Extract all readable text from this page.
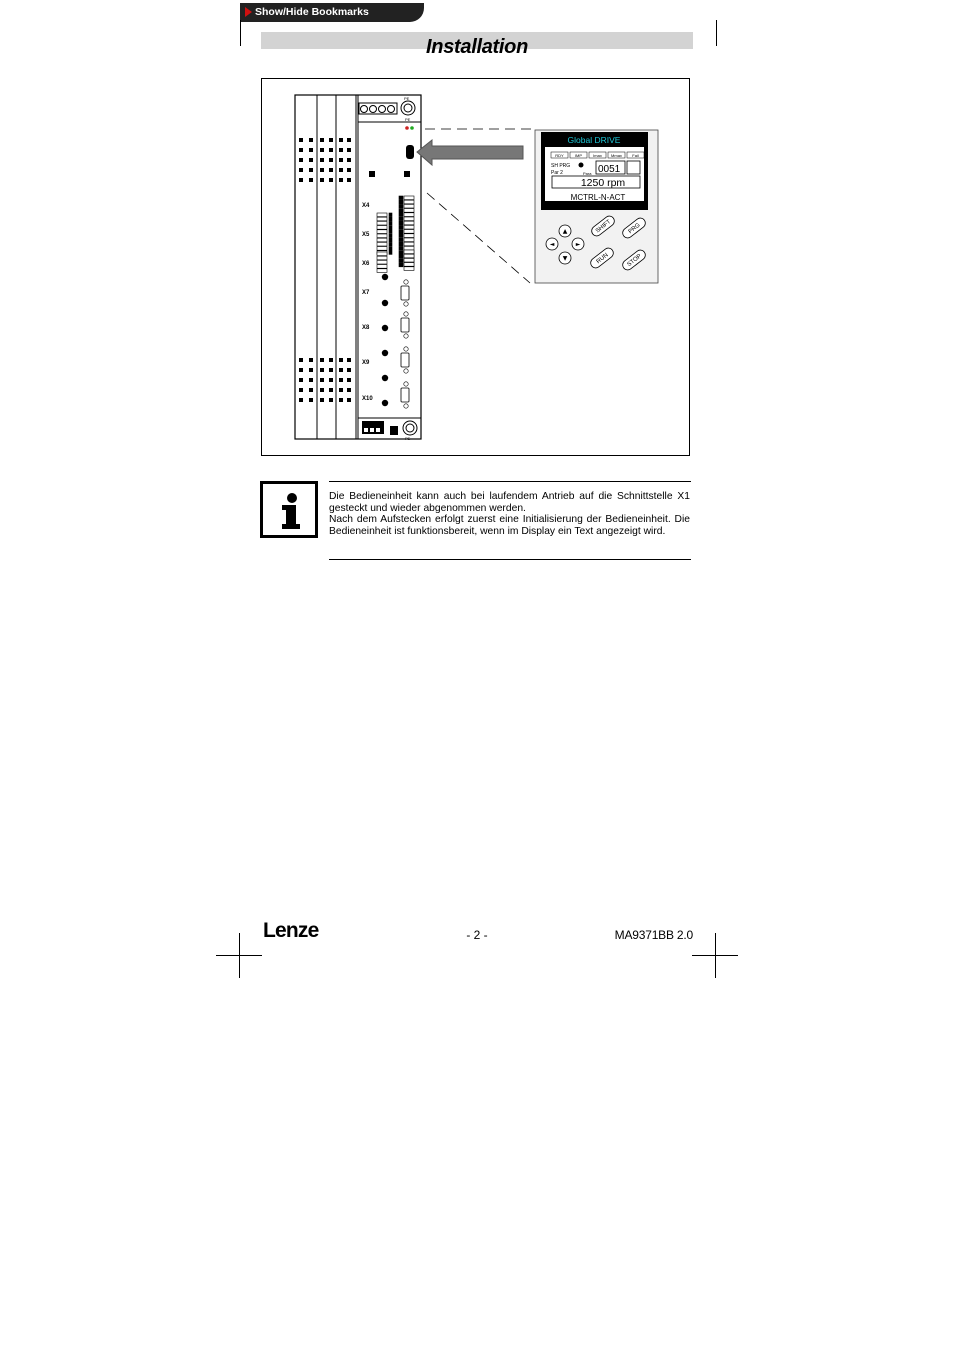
Show/Hide Bookmarks
Installation
PE
PE
X4
X5
X6
X7
X8
X9
X10
PE
Global DRIVE
RDY	IMP	Imax Mmax	Fail
SH PRG
Par 2	Para 0051
1250 rpm
MCTRL-N-ACT
▲
▼
◄	►
SHIFT	PRG
RUN	STOP

Die Bedieneinheit kann auch bei laufendem Antrieb auf die Schnittstelle X1 gesteckt und wieder abgenommen werden.

Nach dem Aufstecken erfolgt zuerst eine Initialisierung der Bedieneinheit. Die Bedieneinheit ist funktionsbereit, wenn im Display ein Text angezeigt wird.

Lenze	- 2 -	MA9371BB 2.0
